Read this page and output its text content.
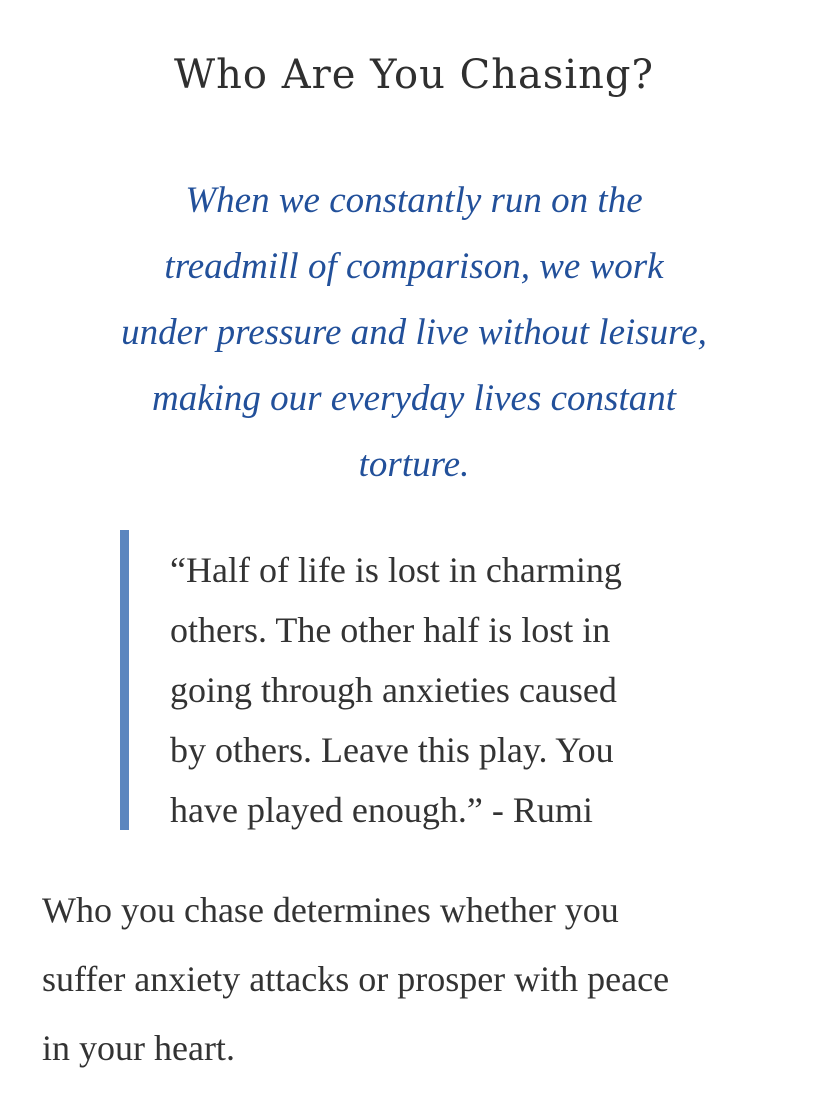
Who Are You Chasing?
When we constantly run on the
treadmill of comparison, we work
under pressure and live without leisure,
making our everyday lives constant
torture.
“Half of life is lost in charming
others. The other half is lost in
going through anxieties caused
by others. Leave this play. You
have played enough.” - Rumi
Who you chase determines whether you
suffer anxiety attacks or prosper with peace
in your heart.
